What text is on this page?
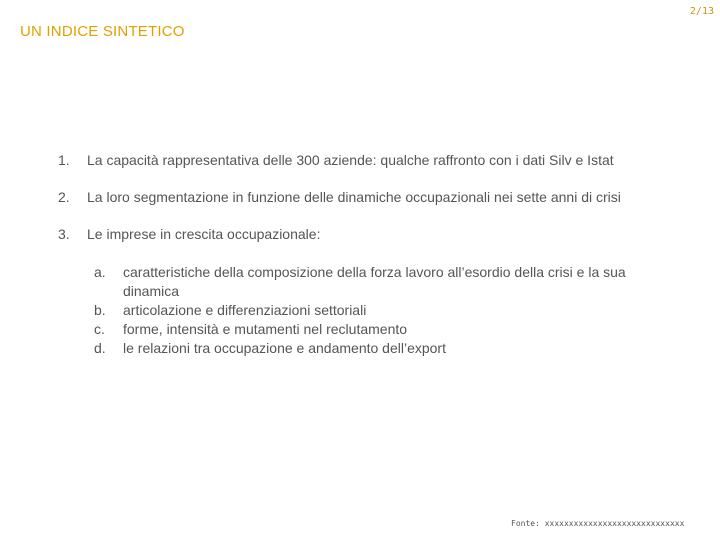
2/13
UN INDICE SINTETICO
1.	La capacità rappresentativa delle 300 aziende: qualche raffronto con i dati Silv e Istat
2.	La loro segmentazione in funzione delle dinamiche occupazionali nei sette anni di crisi
3.	Le imprese in crescita occupazionale:
a.	caratteristiche della composizione della forza lavoro all’esordio della crisi e la sua dinamica
b.	articolazione e differenziazioni settoriali
c.	forme, intensità e mutamenti nel reclutamento
d.	le relazioni tra occupazione e andamento dell’export
Fonte: xxxxxxxxxxxxxxxxxxxxxxxxxxxxx
